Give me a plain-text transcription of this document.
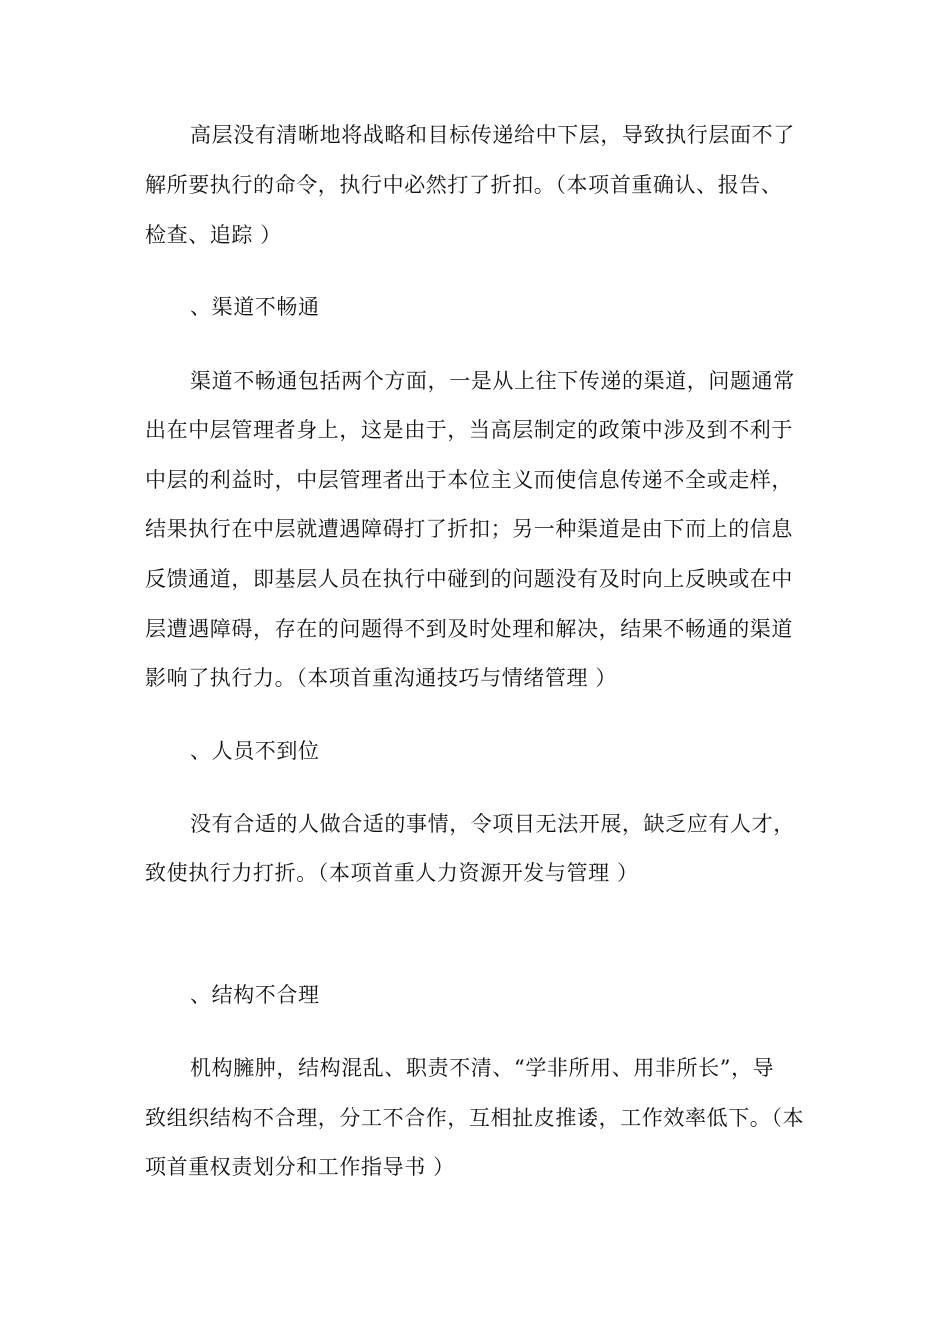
高层没有清晰地将战略和目标传递给中下层，导致执行层面不了
解所要执行的命令，执行中必然打了折扣。（本项首重确认、报告、
检查、追踪 ）
、渠道不畅通
渠道不畅通包括两个方面，一是从上往下传递的渠道，问题通常
出在中层管理者身上，这是由于，当高层制定的政策中涉及到不利于
中层的利益时，中层管理者出于本位主义而使信息传递不全或走样，
结果执行在中层就遭遇障碍打了折扣；另一种渠道是由下而上的信息
反馈通道，即基层人员在执行中碰到的问题没有及时向上反映或在中
层遭遇障碍，存在的问题得不到及时处理和解决，结果不畅通的渠道
影响了执行力。（本项首重沟通技巧与情绪管理 ）
、人员不到位
没有合适的人做合适的事情，令项目无法开展，缺乏应有人才，
致使执行力打折。（本项首重人力资源开发与管理 ）
、结构不合理
机构臃肿，结构混乱、职责不清、“学非所用、用非所长”，导
致组织结构不合理，分工不合作，互相扯皮推诿，工作效率低下。（本
项首重权责划分和工作指导书 ）
